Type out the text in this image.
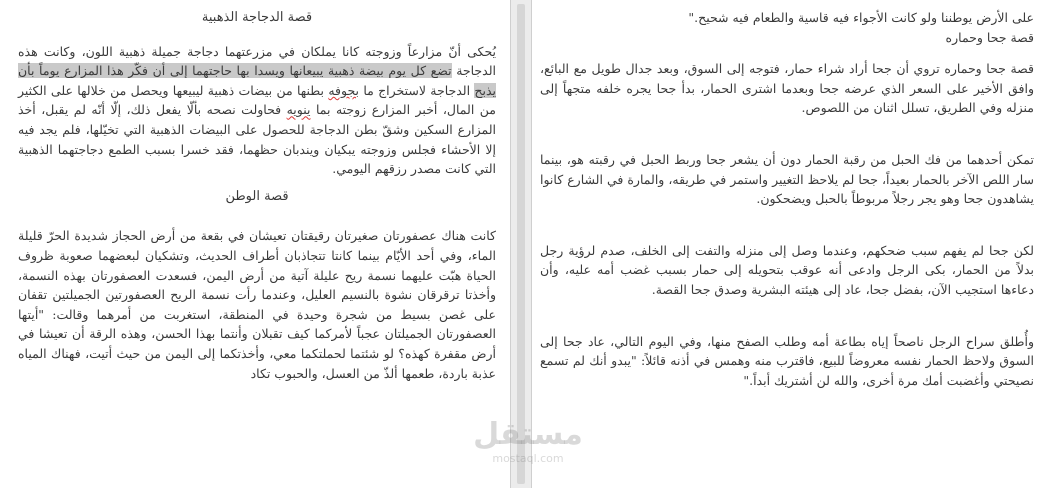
قصة الدجاجة الذهبية

يُحكى أنّ مزارعاً وزوجته كانا يملكان في مزرعتهما دجاجة جميلة ذهبية اللون، وكانت هذه الدجاجة تضع كل يوم بيضة ذهبية يبيعانها ويسدا بها حاجتهما إلى أن فكّر هذا المزارع يوماً بأن يذبح الدجاجة لاستخراج ما بجوفه بطنها من بيضات ذهبية ليبيعها ويحصل من خلالها على الكثير من المال، أخبر المزارع زوجته بما ينويه فحاولت نصحه بألّا يفعل ذلك، إلّا أنّه لم يقبل، أخذ المزارع السكين وشقّ بطن الدجاجة للحصول على البيضات الذهبية التي تخيّلها، فلم يجد فيه إلا الأحشاء فجلس وزوجته يبكيان ويندبان حظهما، فقد خسرا بسبب الطمع دجاجتهما الذهبية التي كانت مصدر رزقهم اليومي.

قصة الوطن

كانت هناك عصفورتان صغيرتان رقيقتان تعيشان في بقعة من أرض الحجاز شديدة الحرّ قليلة الماء، وفي أحد الأيّام بينما كانتا تتجاذبان أطراف الحديث، وتشكيان لبعضهما صعوبة ظروف الحياة هبّت عليهما نسمة ريح عليلة آتية من أرض اليمن، فسعدت العصفورتان بهذه النسمة، وأخذتا ترقرقان نشوة بالنسيم العليل، وعندما رأت نسمة الريح العصفورتين الجميلتين تقفان على غصن بسيط من شجرة وحيدة في المنطقة، استغربت من أمرهما وقالت: "أيتها العصفورتان الجميلتان عجباً لأمركما كيف تقبلان وأنتما بهذا الحسن، وهذه الرقة أن تعيشا في أرض مقفرة كهذه؟ لو شئتما لحملتكما معي، وأخذتكما إلى اليمن من حيث أتيت، فهناك المياه عذبة باردة، طعمها ألذّ من العسل، والحبوب تكاد

على الأرض يوطننا ولو كانت الأجواء فيه قاسية والطعام فيه شحيح."

قصة جحا وحماره

قصة جحا وحماره تروي أن جحا أراد شراء حمار، فتوجه إلى السوق، وبعد جدال طويل مع البائع، وافق الأخير على السعر الذي عرضه جحا وبعدما اشترى الحمار، بدأ جحا يجره خلفه متجهاً إلى منزله وفي الطريق، تسلل اثنان من اللصوص.

تمكن أحدهما من فك الحبل من رقبة الحمار دون أن يشعر جحا وربط الحبل في رقبته هو، بينما سار اللص الآخر بالحمار بعيداً، جحا لم يلاحظ التغيير واستمر في طريقه، والمارة في الشارع كانوا يشاهدون جحا وهو يجر رجلاً مربوطاً بالحبل ويضحكون.

لكن جحا لم يفهم سبب ضحكهم، وعندما وصل إلى منزله والتفت إلى الخلف، صدم لرؤية رجل بدلاً من الحمار، بكى الرجل وادعى أنه عوقب بتحويله إلى حمار بسبب غضب أمه عليه، وأن دعاءها استجيب الآن، بفضل جحا، عاد إلى هيئته البشرية وصدق جحا القصة.

وأُطلق سراح الرجل ناصحاً إياه بطاعة أمه وطلب الصفح منها، وفي اليوم التالي، عاد جحا إلى السوق ولاحظ الحمار نفسه معروضاً للبيع، فاقترب منه وهمس في أذنه قائلاً: "يبدو أنك لم تسمع نصيحتي وأغضبت أمك مرة أخرى، والله لن أشتريك أبداً."

مستقل
mostaql.com
